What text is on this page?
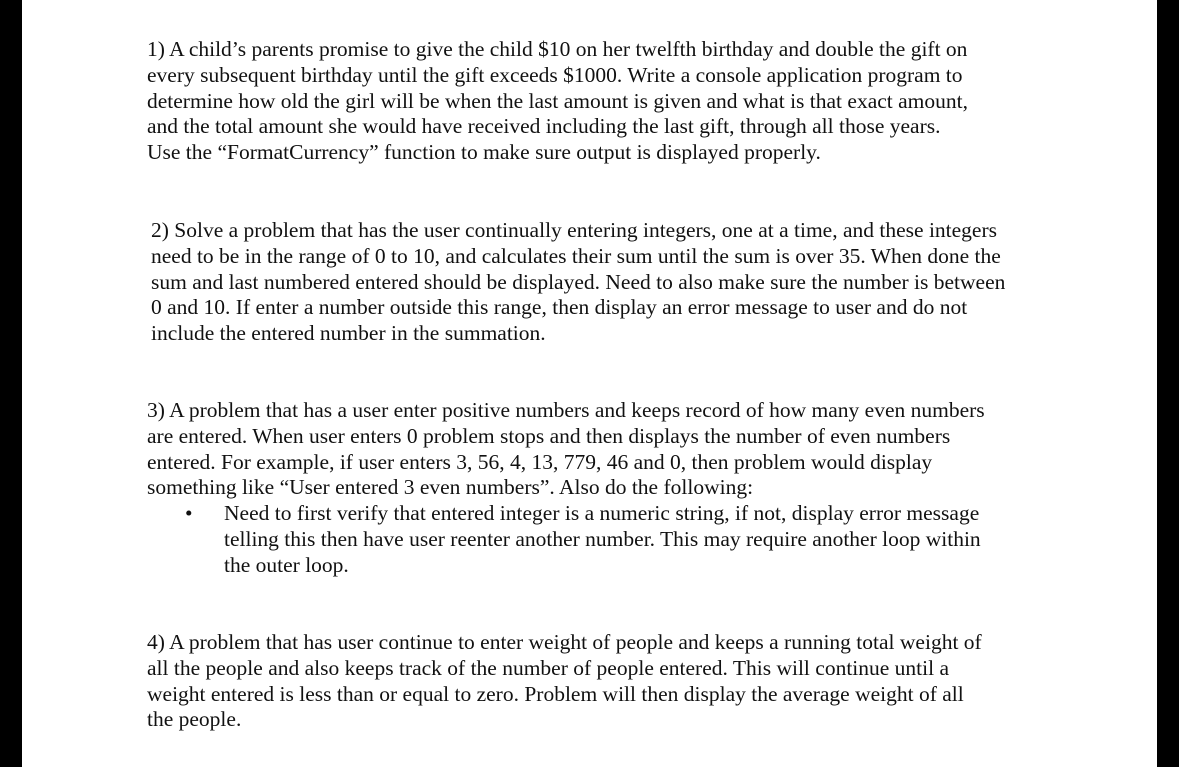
1) A child’s parents promise to give the child $10 on her twelfth birthday and double the gift on
every subsequent birthday until the gift exceeds $1000. Write a console application program to
determine how old the girl will be when the last amount is given and what is that exact amount,
and the total amount she would have received including the last gift, through all those years.
Use the “FormatCurrency” function to make sure output is displayed properly.
2) Solve a problem that has the user continually entering integers, one at a time, and these integers
need to be in the range of 0 to 10, and calculates their sum until the sum is over 35. When done the
sum and last numbered entered should be displayed. Need to also make sure the number is between
0 and 10. If enter a number outside this range, then display an error message to user and do not
include the entered number in the summation.
3) A problem that has a user enter positive numbers and keeps record of how many even numbers
are entered. When user enters 0 problem stops and then displays the number of even numbers
entered. For example, if user enters 3, 56, 4, 13, 779, 46 and 0, then problem would display
something like “User entered 3 even numbers”. Also do the following:
• Need to first verify that entered integer is a numeric string, if not, display error message
telling this then have user reenter another number. This may require another loop within
the outer loop.
4) A problem that has user continue to enter weight of people and keeps a running total weight of
all the people and also keeps track of the number of people entered. This will continue until a
weight entered is less than or equal to zero. Problem will then display the average weight of all
the people.
